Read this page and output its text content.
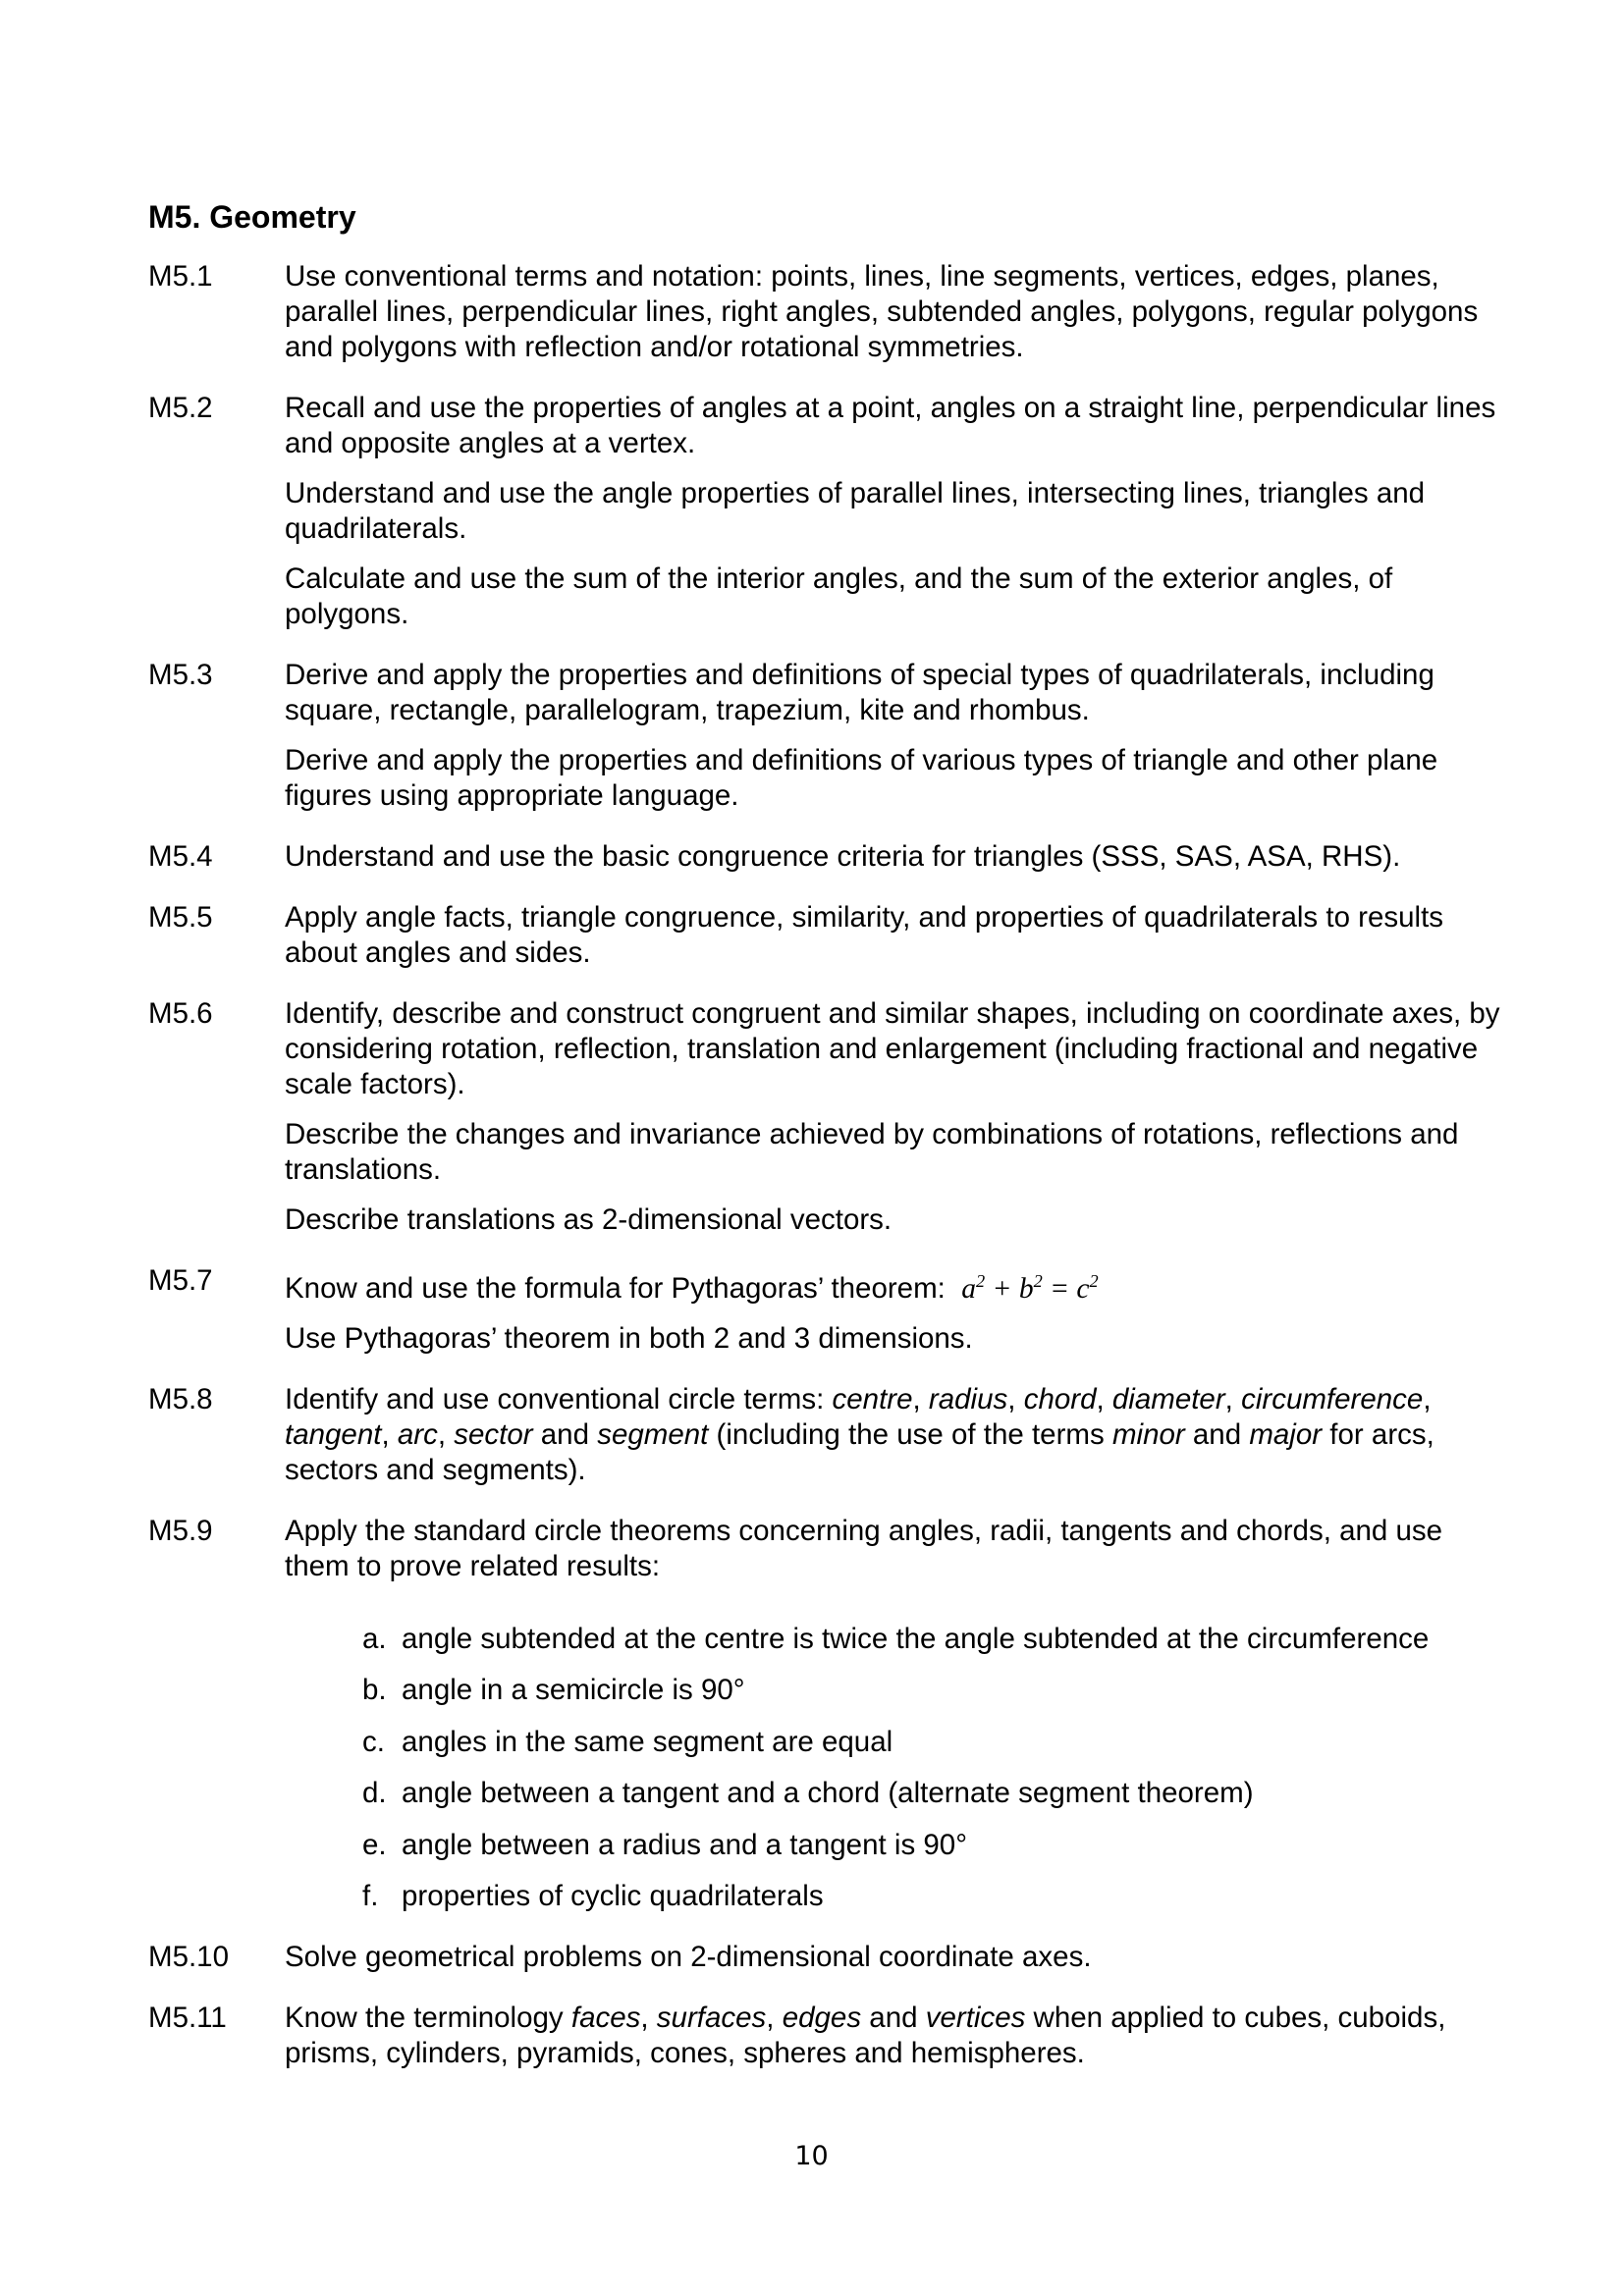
M5. Geometry
M5.1 Use conventional terms and notation: points, lines, line segments, vertices, edges, planes, parallel lines, perpendicular lines, right angles, subtended angles, polygons, regular polygons and polygons with reflection and/or rotational symmetries.
M5.2 Recall and use the properties of angles at a point, angles on a straight line, perpendicular lines and opposite angles at a vertex.
Understand and use the angle properties of parallel lines, intersecting lines, triangles and quadrilaterals.
Calculate and use the sum of the interior angles, and the sum of the exterior angles, of polygons.
M5.3 Derive and apply the properties and definitions of special types of quadrilaterals, including square, rectangle, parallelogram, trapezium, kite and rhombus.
Derive and apply the properties and definitions of various types of triangle and other plane figures using appropriate language.
M5.4 Understand and use the basic congruence criteria for triangles (SSS, SAS, ASA, RHS).
M5.5 Apply angle facts, triangle congruence, similarity, and properties of quadrilaterals to results about angles and sides.
M5.6 Identify, describe and construct congruent and similar shapes, including on coordinate axes, by considering rotation, reflection, translation and enlargement (including fractional and negative scale factors).
Describe the changes and invariance achieved by combinations of rotations, reflections and translations.
Describe translations as 2-dimensional vectors.
M5.7 Know and use the formula for Pythagoras’ theorem: $a^2 + b^2 = c^2$
Use Pythagoras’ theorem in both 2 and 3 dimensions.
M5.8 Identify and use conventional circle terms: centre, radius, chord, diameter, circumference, tangent, arc, sector and segment (including the use of the terms minor and major for arcs, sectors and segments).
M5.9 Apply the standard circle theorems concerning angles, radii, tangents and chords, and use them to prove related results:
a. angle subtended at the centre is twice the angle subtended at the circumference
b. angle in a semicircle is 90°
c. angles in the same segment are equal
d. angle between a tangent and a chord (alternate segment theorem)
e. angle between a radius and a tangent is 90°
f. properties of cyclic quadrilaterals
M5.10 Solve geometrical problems on 2-dimensional coordinate axes.
M5.11 Know the terminology faces, surfaces, edges and vertices when applied to cubes, cuboids, prisms, cylinders, pyramids, cones, spheres and hemispheres.
10
